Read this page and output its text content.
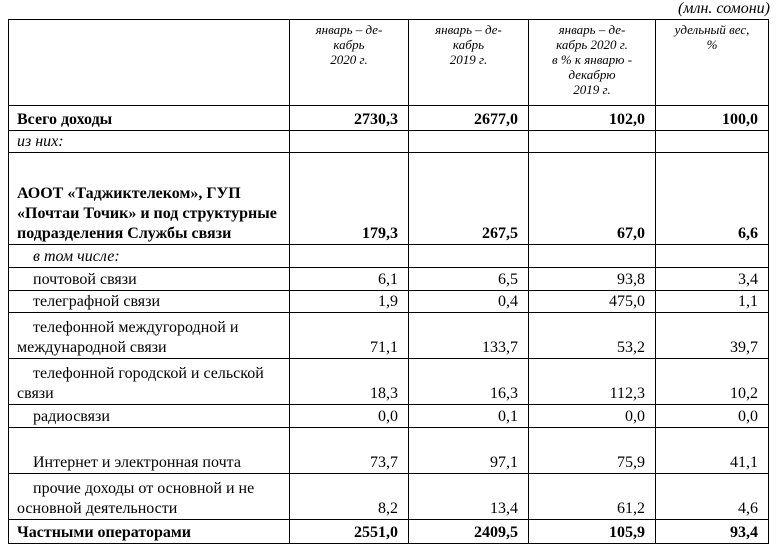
(млн. сомони)
	январь – де-
кабрь
2020 г.	январь – де-
кабрь
2019 г.	январь – де-
кабрь 2020 г.
в % к январю -
декабрю
2019 г.	удельный вес,
%
Всего доходы	2730,3	2677,0	102,0	100,0
из них:				
АООТ «Таджиктелеком», ГУП «Почтаи Точик» и под структурные подразделения Службы связи	179,3	267,5	67,0	6,6
в том числе:				
почтовой связи	6,1	6,5	93,8	3,4
телеграфной связи	1,9	0,4	475,0	1,1

телефонной междугородной и международной связи	71,1	133,7	53,2	39,7

телефонной городской и сельской связи	18,3	16,3	112,3	10,2
радиосвязи	0,0	0,1	0,0	0,0

Интернет и электронная почта	73,7	97,1	75,9	41,1

прочие доходы от основной и не основной деятельности	8,2	13,4	61,2	4,6
Частными операторами	2551,0	2409,5	105,9	93,4
